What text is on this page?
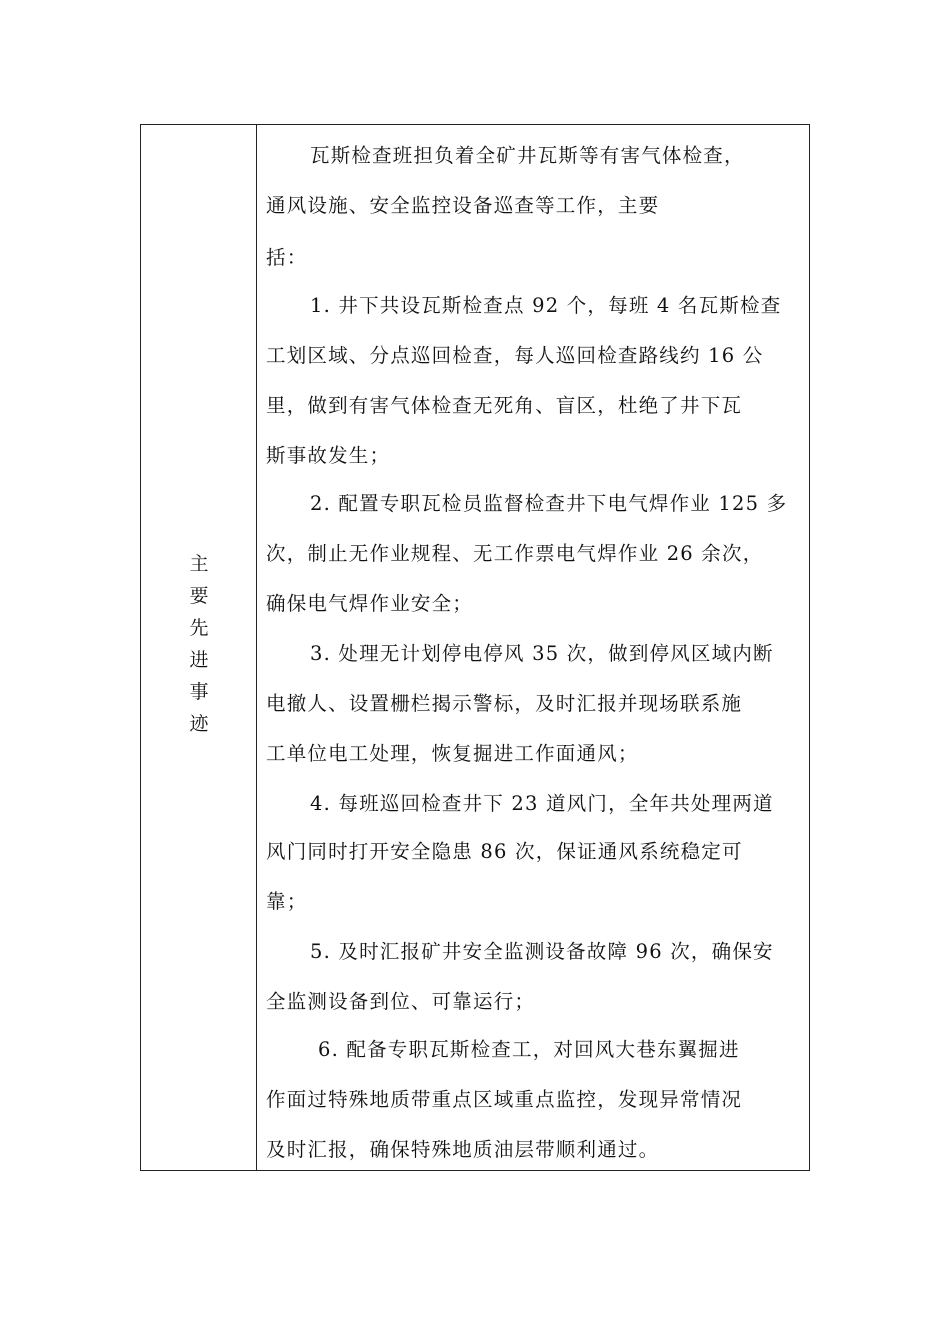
主
要
先
进
事
迹
瓦斯检查班担负着全矿井瓦斯等有害气体检查，
通风设施、安全监控设备巡查等工作，主要
括：
1. 井下共设瓦斯检查点 92 个，每班 4 名瓦斯检查
工划区域、分点巡回检查，每人巡回检查路线约 16 公
里，做到有害气体检查无死角、盲区，杜绝了井下瓦
斯事故发生；
2. 配置专职瓦检员监督检查井下电气焊作业 125 多
次，制止无作业规程、无工作票电气焊作业 26 余次，
确保电气焊作业安全；
3. 处理无计划停电停风 35 次，做到停风区域内断
电撤人、设置栅栏揭示警标，及时汇报并现场联系施
工单位电工处理，恢复掘进工作面通风；
4. 每班巡回检查井下 23 道风门，全年共处理两道
风门同时打开安全隐患 86 次，保证通风系统稳定可
靠；
5. 及时汇报矿井安全监测设备故障 96 次，确保安
全监测设备到位、可靠运行；
6. 配备专职瓦斯检查工，对回风大巷东翼掘进
作面过特殊地质带重点区域重点监控，发现异常情况
及时汇报，确保特殊地质油层带顺利通过。
